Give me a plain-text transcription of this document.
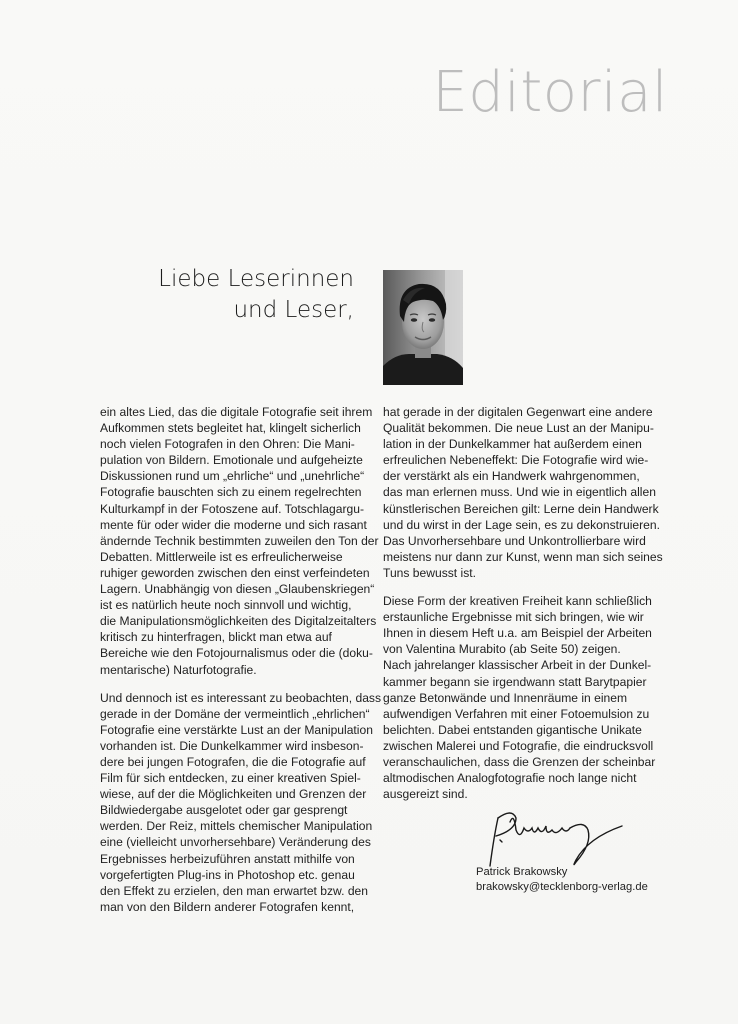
Editorial
Liebe Leserinnen
und Leser,

ein altes Lied, das die digitale Fotografie seit ihrem
Aufkommen stets begleitet hat, klingelt sicherlich
noch vielen Fotografen in den Ohren: Die Mani-
pulation von Bildern. Emotionale und aufgeheizte
Diskussionen rund um „ehrliche“ und „unehrliche“
Fotografie bauschten sich zu einem regelrechten
Kulturkampf in der Fotoszene auf. Totschlagargu-
mente für oder wider die moderne und sich rasant
ändernde Technik bestimmten zuweilen den Ton der
Debatten. Mittlerweile ist es erfreulicherweise
ruhiger geworden zwischen den einst verfeindeten
Lagern. Unabhängig von diesen „Glaubenskriegen“
ist es natürlich heute noch sinnvoll und wichtig,
die Manipulationsmöglichkeiten des Digitalzeitalters
kritisch zu hinterfragen, blickt man etwa auf
Bereiche wie den Fotojournalismus oder die (doku-
mentarische) Naturfotografie.

Und dennoch ist es interessant zu beobachten, dass
gerade in der Domäne der vermeintlich „ehrlichen“
Fotografie eine verstärkte Lust an der Manipulation
vorhanden ist. Die Dunkelkammer wird insbeson-
dere bei jungen Fotografen, die die Fotografie auf
Film für sich entdecken, zu einer kreativen Spiel-
wiese, auf der die Möglichkeiten und Grenzen der
Bildwiedergabe ausgelotet oder gar gesprengt
werden. Der Reiz, mittels chemischer Manipulation
eine (vielleicht unvorhersehbare) Veränderung des
Ergebnisses herbeizuführen anstatt mithilfe von
vorgefertigten Plug-ins in Photoshop etc. genau
den Effekt zu erzielen, den man erwartet bzw. den
man von den Bildern anderer Fotografen kennt,

hat gerade in der digitalen Gegenwart eine andere
Qualität bekommen. Die neue Lust an der Manipu-
lation in der Dunkelkammer hat außerdem einen
erfreulichen Nebeneffekt: Die Fotografie wird wie-
der verstärkt als ein Handwerk wahrgenommen,
das man erlernen muss. Und wie in eigentlich allen
künstlerischen Bereichen gilt: Lerne dein Handwerk
und du wirst in der Lage sein, es zu dekonstruieren.
Das Unvorhersehbare und Unkontrollierbare wird
meistens nur dann zur Kunst, wenn man sich seines
Tuns bewusst ist.

Diese Form der kreativen Freiheit kann schließlich
erstaunliche Ergebnisse mit sich bringen, wie wir
Ihnen in diesem Heft u.a. am Beispiel der Arbeiten
von Valentina Murabito (ab Seite 50) zeigen.
Nach jahrelanger klassischer Arbeit in der Dunkel-
kammer begann sie irgendwann statt Barytpapier
ganze Betonwände und Innenräume in einem
aufwendigen Verfahren mit einer Fotoemulsion zu
belichten. Dabei entstanden gigantische Unikate
zwischen Malerei und Fotografie, die eindrucksvoll
veranschaulichen, dass die Grenzen der scheinbar
altmodischen Analogfotografie noch lange nicht
ausgereizt sind.

Patrick Brakowsky
brakowsky@tecklenborg-verlag.de
